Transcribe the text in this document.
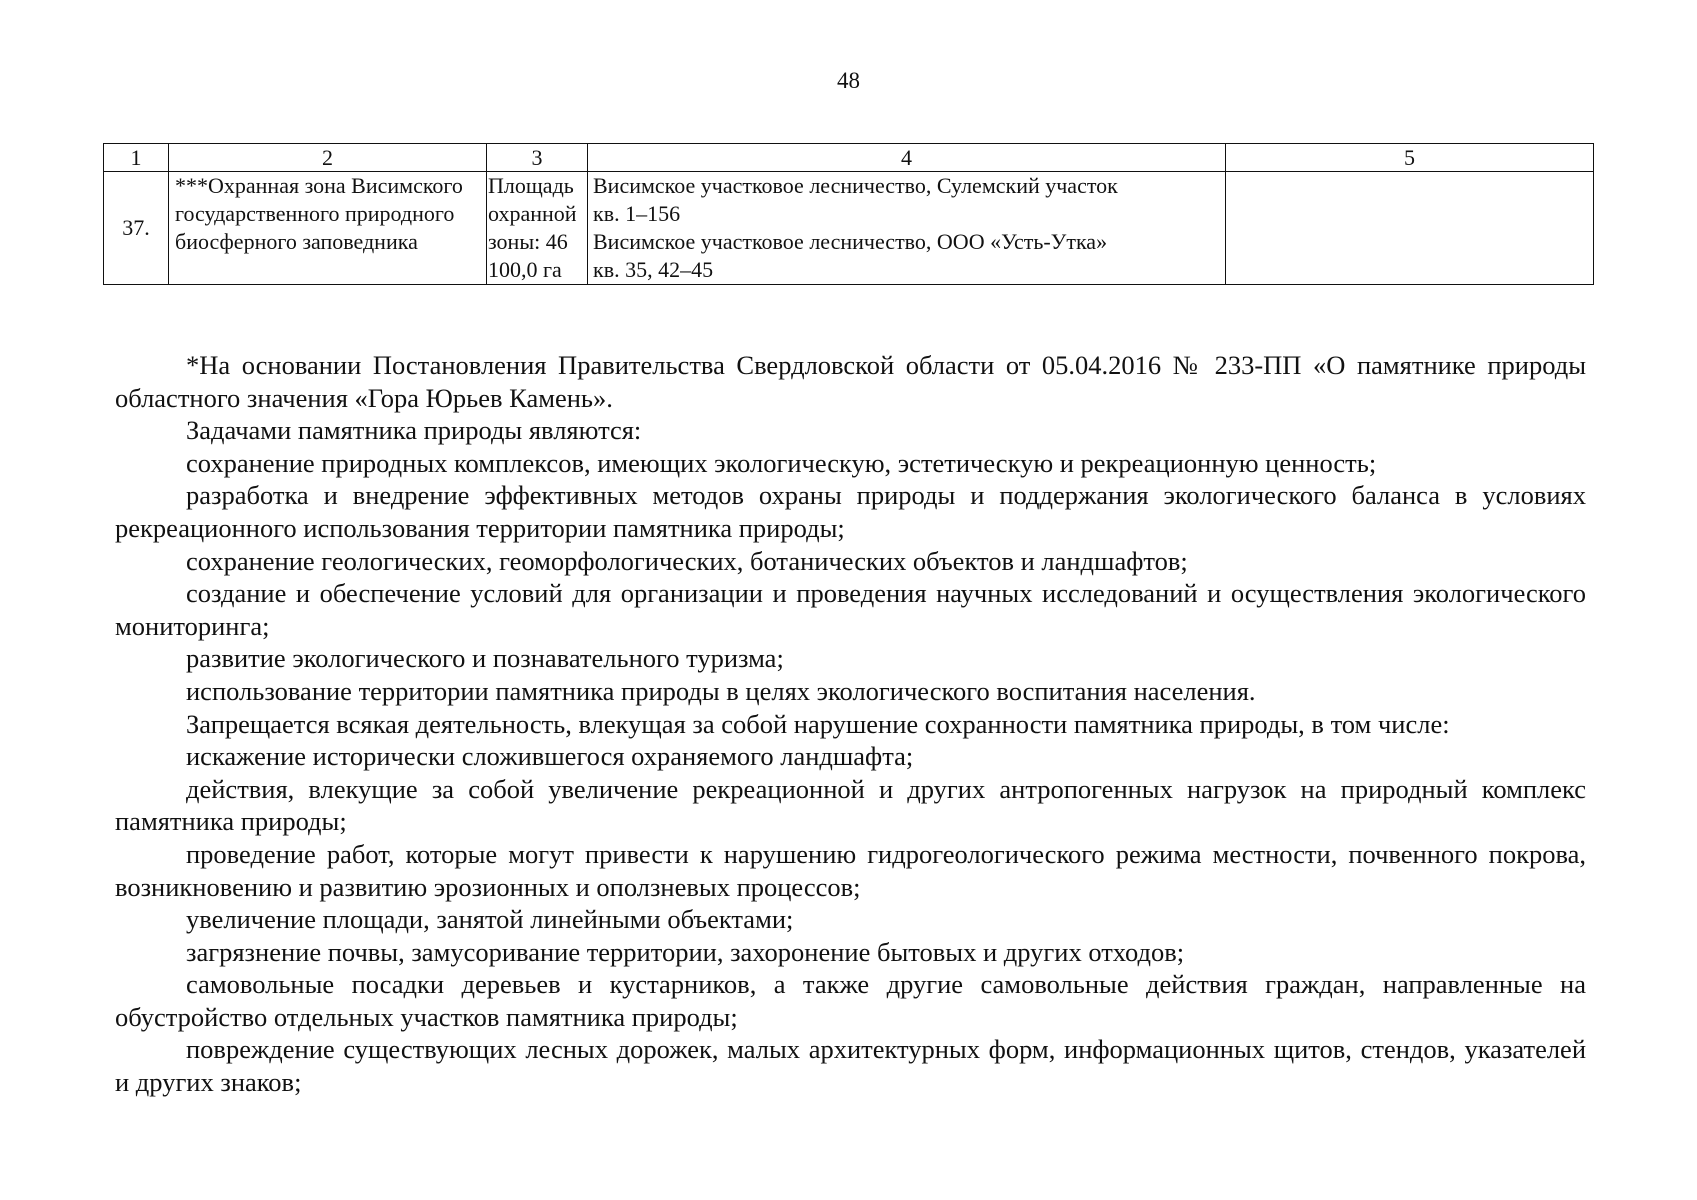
48
1	2	3	4	5
37.	***Охранная зона Висимского государственного природного биосферного заповедника	Площадь охранной зоны: 46 100,0 га	Висимское участковое лесничество, Сулемский участок
кв. 1–156
Висимское участковое лесничество, ООО «Усть-Утка»
кв. 35, 42–45	

*На основании Постановления Правительства Свердловской области от 05.04.2016 № 233-ПП «О памятнике природы областного значения «Гора Юрьев Камень».

Задачами памятника природы являются:

сохранение природных комплексов, имеющих экологическую, эстетическую и рекреационную ценность;

разработка и внедрение эффективных методов охраны природы и поддержания экологического баланса в условиях рекреационного использования территории памятника природы;

сохранение геологических, геоморфологических, ботанических объектов и ландшафтов;

создание и обеспечение условий для организации и проведения научных исследований и осуществления экологического мониторинга;

развитие экологического и познавательного туризма;

использование территории памятника природы в целях экологического воспитания населения.

Запрещается всякая деятельность, влекущая за собой нарушение сохранности памятника природы, в том числе:

искажение исторически сложившегося охраняемого ландшафта;

действия, влекущие за собой увеличение рекреационной и других антропогенных нагрузок на природный комплекс памятника природы;

проведение работ, которые могут привести к нарушению гидрогеологического режима местности, почвенного покрова, возникновению и развитию эрозионных и оползневых процессов;

увеличение площади, занятой линейными объектами;

загрязнение почвы, замусоривание территории, захоронение бытовых и других отходов;

самовольные посадки деревьев и кустарников, а также другие самовольные действия граждан, направленные на обустройство отдельных участков памятника природы;

повреждение существующих лесных дорожек, малых архитектурных форм, информационных щитов, стендов, указателей и других знаков;
